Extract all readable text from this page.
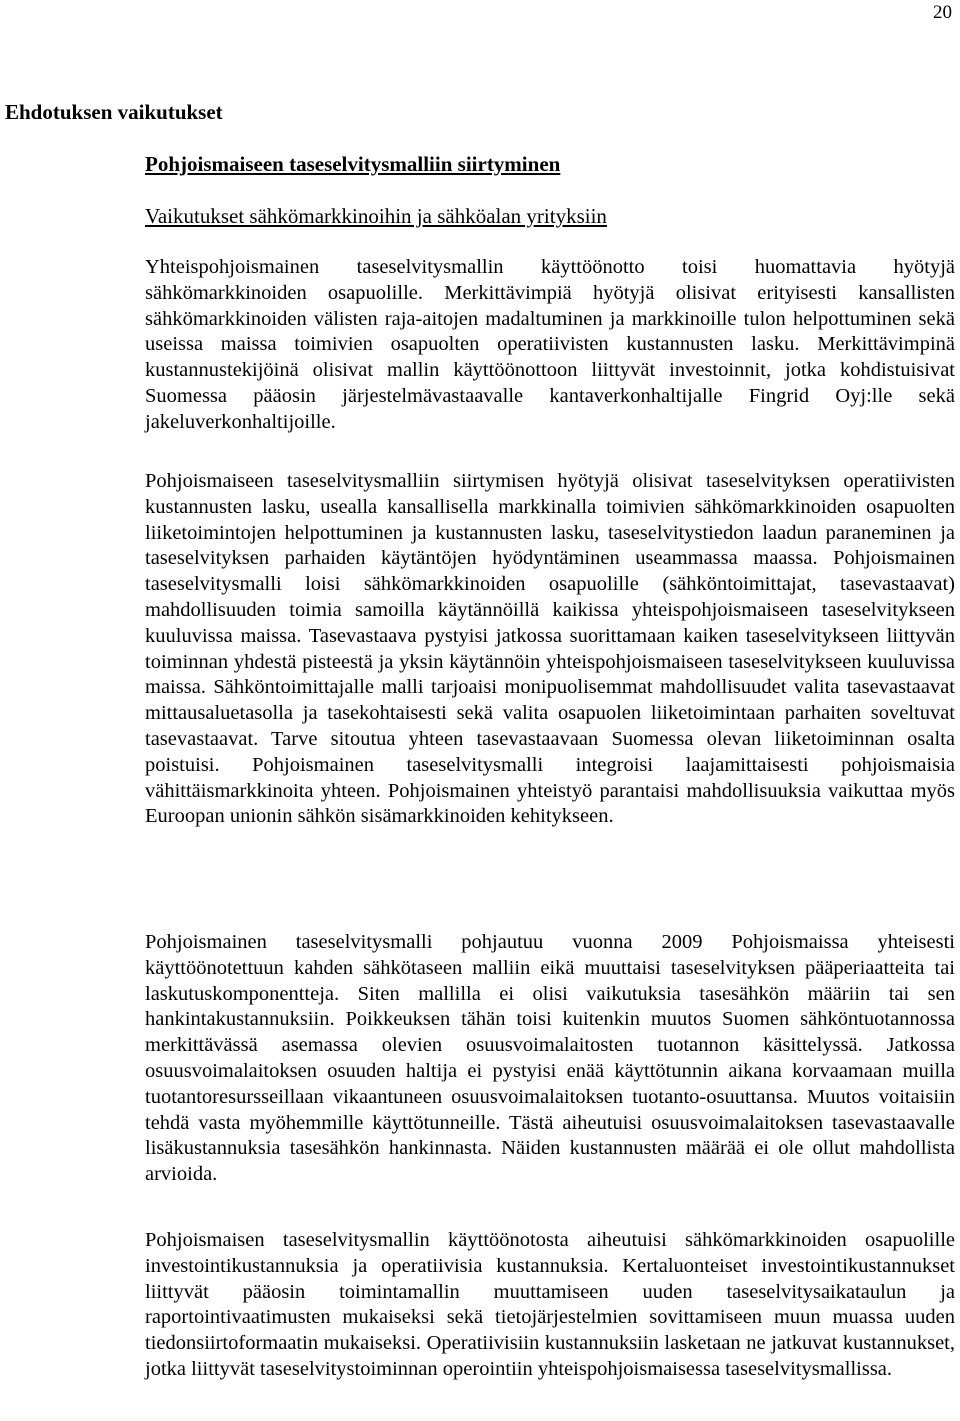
20
Ehdotuksen vaikutukset
Pohjoismaiseen taseselvitysmalliin siirtyminen
Vaikutukset sähkömarkkinoihin ja sähköalan yrityksiin

Yhteispohjoismainen taseselvitysmallin käyttöönotto toisi huomattavia hyötyjä sähkömarkkinoiden osapuolille. Merkittävimpiä hyötyjä olisivat erityisesti kansallisten sähkömarkkinoiden välisten raja-aitojen madaltuminen ja markkinoille tulon helpottuminen sekä useissa maissa toimivien osapuolten operatiivisten kustannusten lasku. Merkittävimpinä kustannustekijöinä olisivat mallin käyttöönottoon liittyvät investoinnit, jotka kohdistuisivat Suomessa pääosin järjestelmävastaavalle kantaverkonhaltijalle Fingrid Oyj:lle sekä jakeluverkonhaltijoille.

Pohjoismaiseen taseselvitysmalliin siirtymisen hyötyjä olisivat taseselvityksen operatiivisten kustannusten lasku, usealla kansallisella markkinalla toimivien sähkömarkkinoiden osapuolten liiketoimintojen helpottuminen ja kustannusten lasku, taseselvitystiedon laadun paraneminen ja taseselvityksen parhaiden käytäntöjen hyödyntäminen useammassa maassa. Pohjoismainen taseselvitysmalli loisi sähkömarkkinoiden osapuolille (sähköntoimittajat, tasevastaavat) mahdollisuuden toimia samoilla käytännöillä kaikissa yhteispohjoismaiseen taseselvitykseen kuuluvissa maissa. Tasevastaava pystyisi jatkossa suorittamaan kaiken taseselvitykseen liittyvän toiminnan yhdestä pisteestä ja yksin käytännöin yhteispohjoismaiseen taseselvitykseen kuuluvissa maissa. Sähköntoimittajalle malli tarjoaisi monipuolisemmat mahdollisuudet valita tasevastaavat mittausaluetasolla ja tasekohtaisesti sekä valita osapuolen liiketoimintaan parhaiten soveltuvat tasevastaavat. Tarve sitoutua yhteen tasevastaavaan Suomessa olevan liiketoiminnan osalta poistuisi. Pohjoismainen taseselvitysmalli integroisi laajamittaisesti pohjoismaisia vähittäismarkkinoita yhteen. Pohjoismainen yhteistyö parantaisi mahdollisuuksia vaikuttaa myös Euroopan unionin sähkön sisämarkkinoiden kehitykseen.

Pohjoismainen taseselvitysmalli pohjautuu vuonna 2009 Pohjoismaissa yhteisesti käyttöönotettuun kahden sähkötaseen malliin eikä muuttaisi taseselvityksen pääperiaatteita tai laskutuskomponentteja. Siten mallilla ei olisi vaikutuksia tasesähkön määriin tai sen hankintakustannuksiin. Poikkeuksen tähän toisi kuitenkin muutos Suomen sähköntuotannossa merkittävässä asemassa olevien osuusvoimalaitosten tuotannon käsittelyssä. Jatkossa osuusvoimalaitoksen osuuden haltija ei pystyisi enää käyttötunnin aikana korvaamaan muilla tuotantoresursseillaan vikaantuneen osuusvoimalaitoksen tuotanto-osuuttansa. Muutos voitaisiin tehdä vasta myöhemmille käyttötunneille. Tästä aiheutuisi osuusvoimalaitoksen tasevastaavalle lisäkustannuksia tasesähkön hankinnasta. Näiden kustannusten määrää ei ole ollut mahdollista arvioida.

Pohjoismaisen taseselvitysmallin käyttöönotosta aiheutuisi sähkömarkkinoiden osapuolille investointikustannuksia ja operatiivisia kustannuksia. Kertaluonteiset investointikustannukset liittyvät pääosin toimintamallin muuttamiseen uuden taseselvitysaikataulun ja raportointivaatimusten mukaiseksi sekä tietojärjestelmien sovittamiseen muun muassa uuden tiedonsiirtoformaatin mukaiseksi. Operatiivisiin kustannuksiin lasketaan ne jatkuvat kustannukset, jotka liittyvät taseselvitystoiminnan operointiin yhteispohjoismaisessa taseselvitysmallissa.
